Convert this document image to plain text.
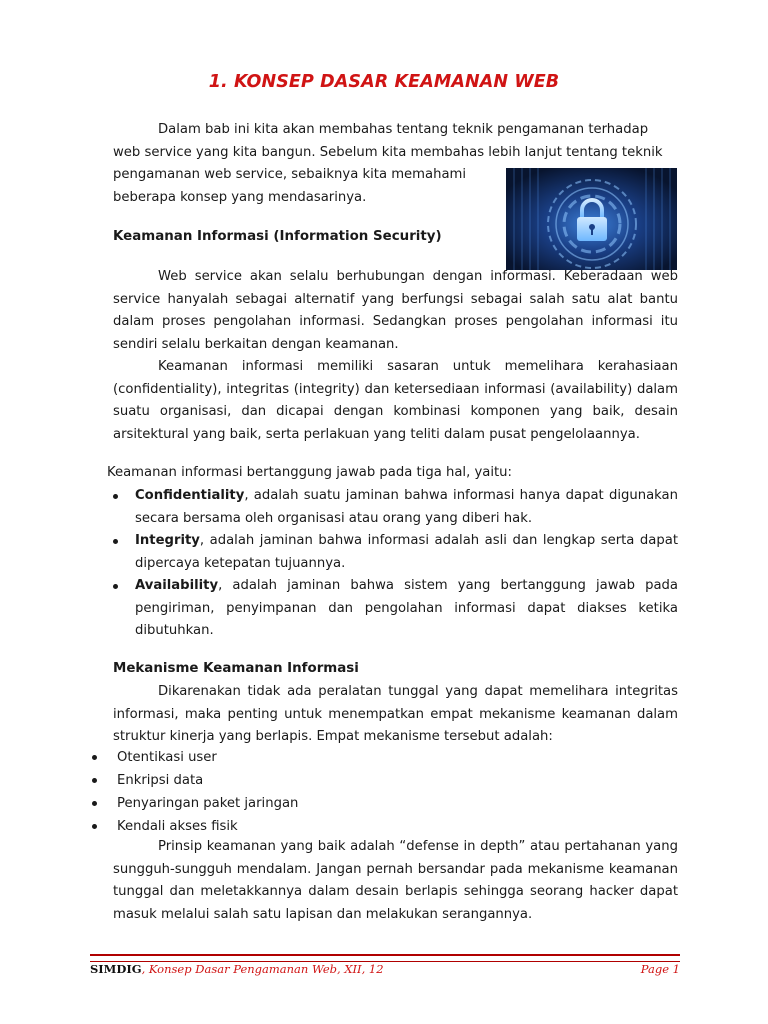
1. KONSEP DASAR KEAMANAN WEB
Dalam bab ini kita akan membahas tentang teknik pengamanan terhadap
web service yang kita bangun. Sebelum kita membahas lebih lanjut tentang teknik
pengamanan web service, sebaiknya kita memahami
beberapa konsep yang mendasarinya.
Keamanan Informasi (Information Security)
Web service akan selalu berhubungan dengan informasi. Keberadaan web
service hanyalah sebagai alternatif yang berfungsi sebagai salah satu alat bantu
dalam proses pengolahan informasi. Sedangkan proses pengolahan informasi itu
sendiri selalu berkaitan dengan keamanan.
Keamanan informasi memiliki sasaran untuk memelihara kerahasiaan
(confidentiality), integritas (integrity) dan ketersediaan informasi (availability) dalam
suatu organisasi, dan dicapai dengan kombinasi komponen yang baik, desain
arsitektural yang baik, serta perlakuan yang teliti dalam pusat pengelolaannya.
Keamanan informasi bertanggung jawab pada tiga hal, yaitu:
Confidentiality, adalah suatu jaminan bahwa informasi hanya dapat digunakan
secara bersama oleh organisasi atau orang yang diberi hak.
Integrity, adalah jaminan bahwa informasi adalah asli dan lengkap serta dapat
dipercaya ketepatan tujuannya.
Availability, adalah jaminan bahwa sistem yang bertanggung jawab pada
pengiriman, penyimpanan dan pengolahan informasi dapat diakses ketika
dibutuhkan.
Mekanisme Keamanan Informasi
Dikarenakan tidak ada peralatan tunggal yang dapat memelihara integritas
informasi, maka penting untuk menempatkan empat mekanisme keamanan dalam
struktur kinerja yang berlapis. Empat mekanisme tersebut adalah:
Otentikasi user
Enkripsi data
Penyaringan paket jaringan
Kendali akses fisik
Prinsip keamanan yang baik adalah “defense in depth” atau pertahanan yang
sungguh-sungguh mendalam. Jangan pernah bersandar pada mekanisme keamanan
tunggal dan meletakkannya dalam desain berlapis sehingga seorang hacker dapat
masuk melalui salah satu lapisan dan melakukan serangannya.
SIMDIG, Konsep Dasar Pengamanan Web, XII, 12	Page 1
